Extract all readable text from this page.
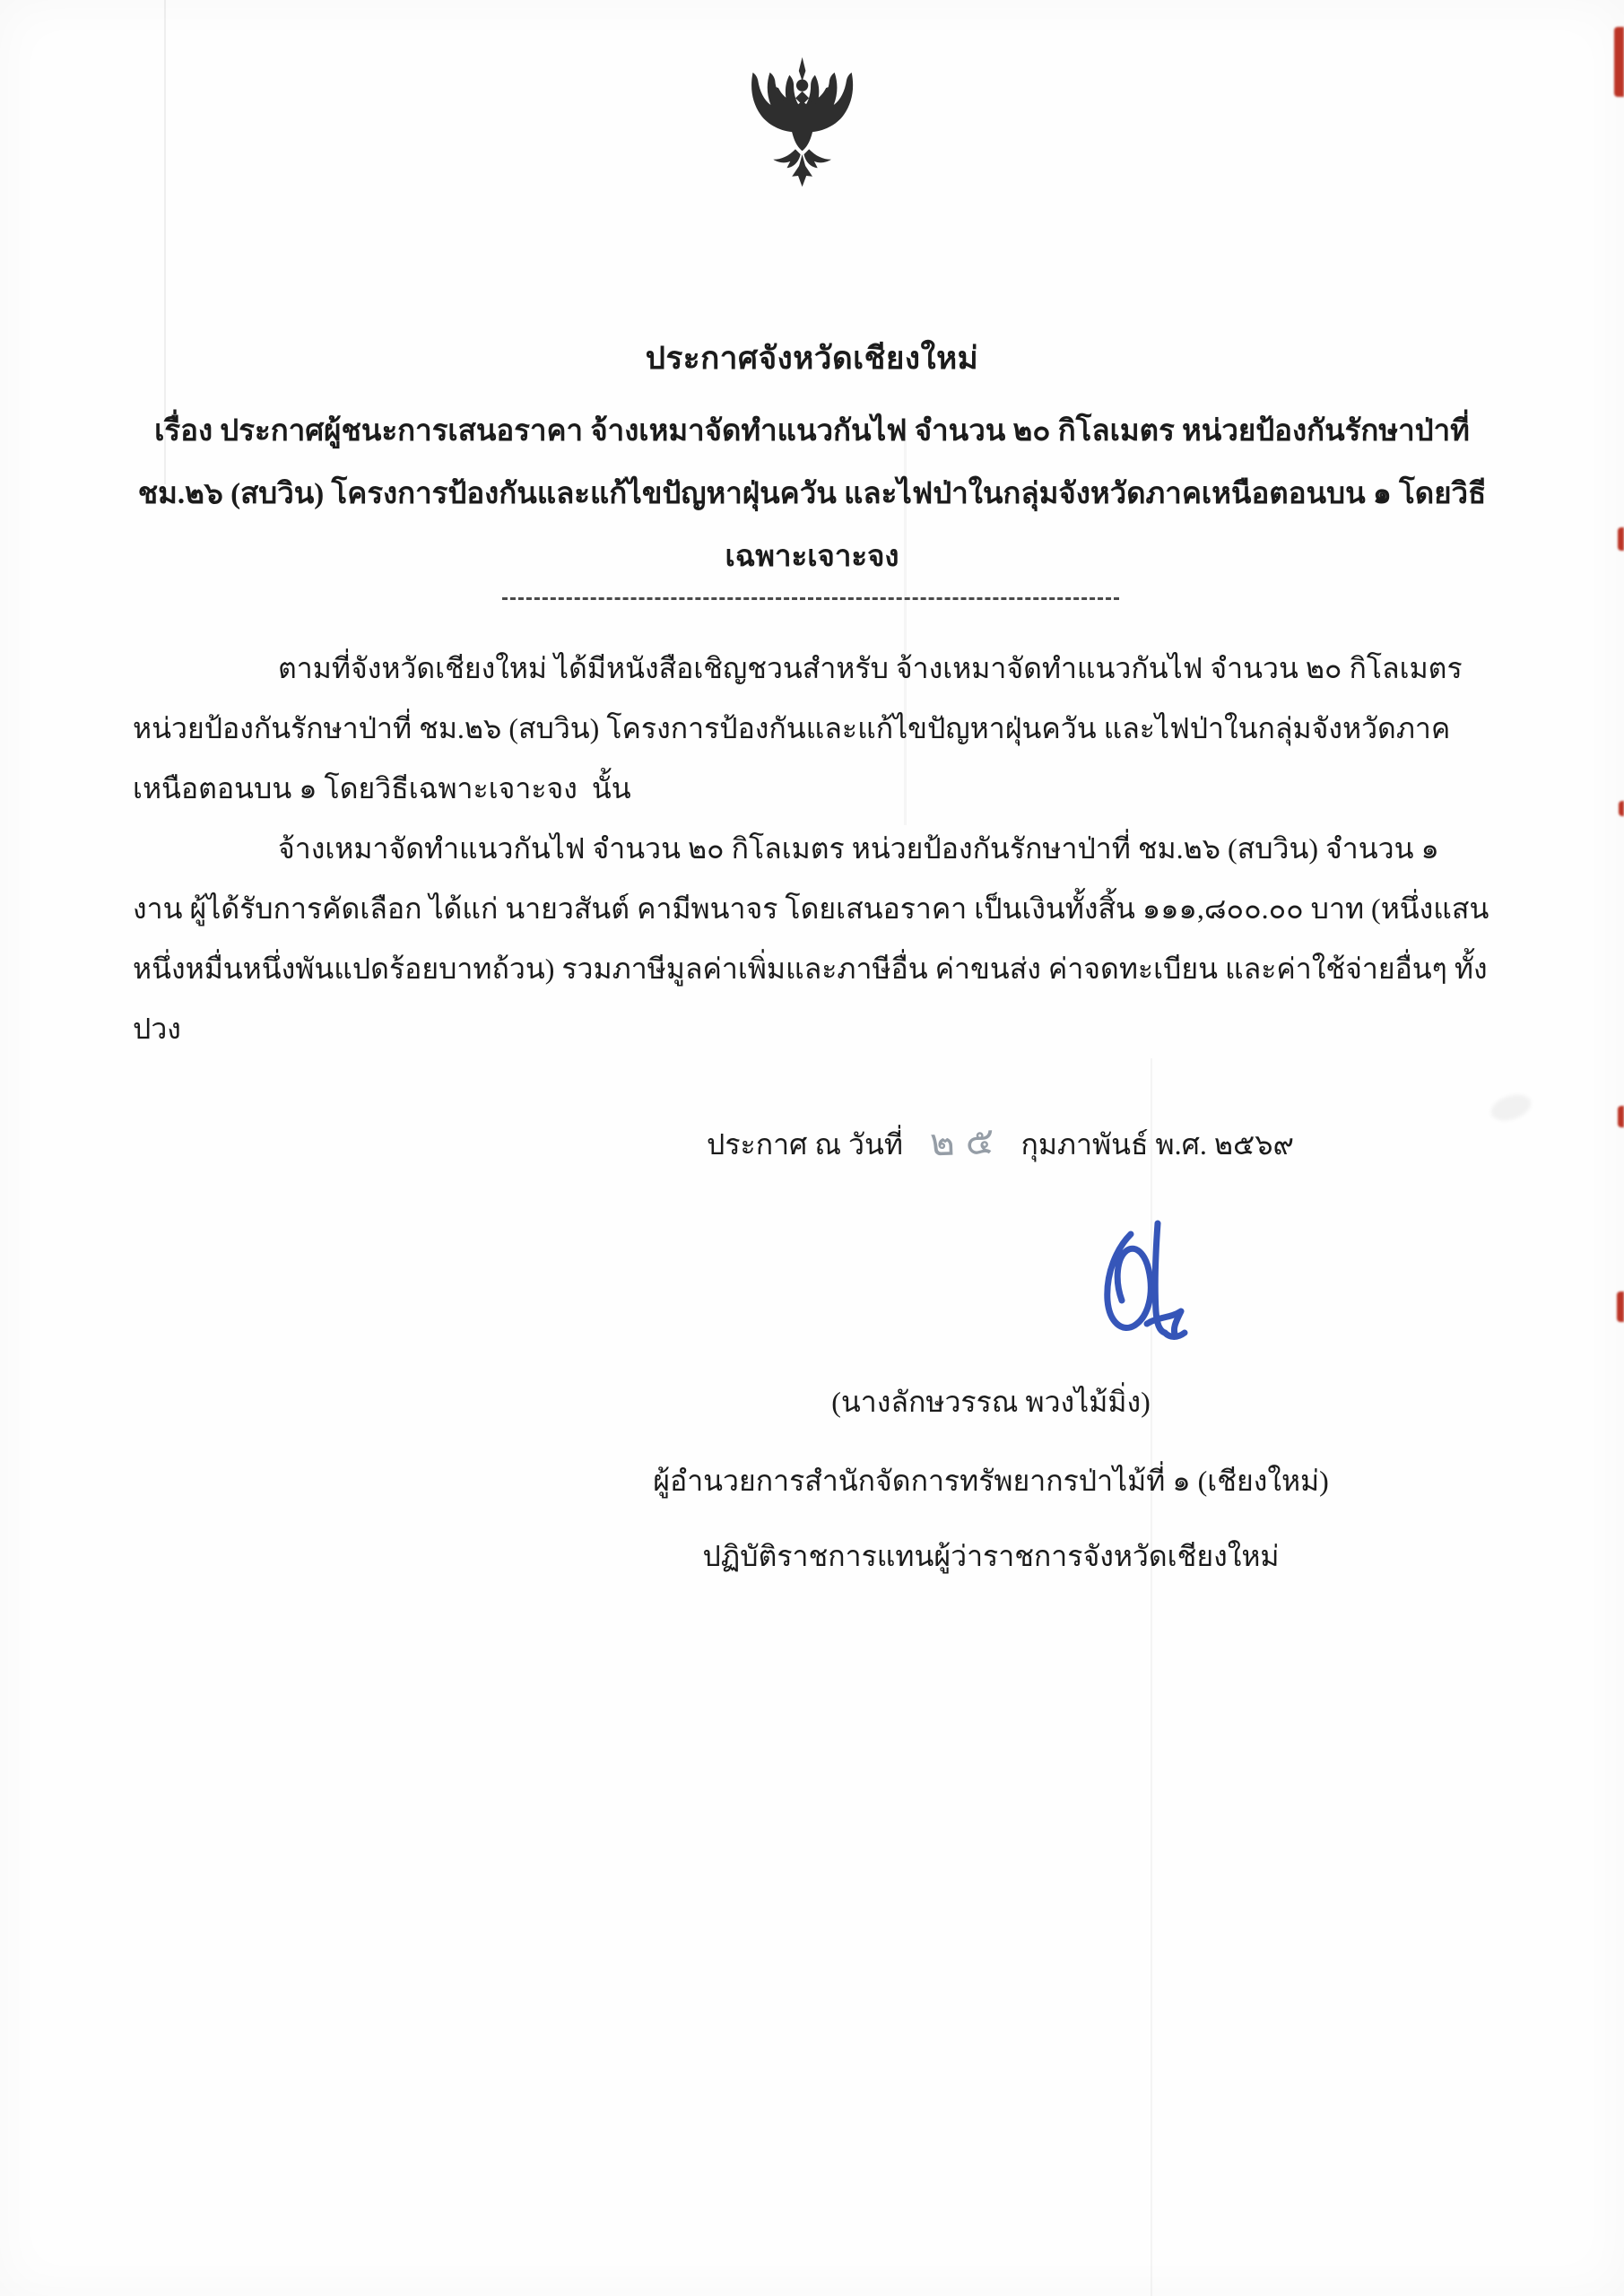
ประกาศจังหวัดเชียงใหม่
เรื่อง ประกาศผู้ชนะการเสนอราคา จ้างเหมาจัดทำแนวกันไฟ จำนวน ๒๐ กิโลเมตร หน่วยป้องกันรักษาป่าที่
ชม.๒๖ (สบวิน) โครงการป้องกันและแก้ไขปัญหาฝุ่นควัน และไฟป่าในกลุ่มจังหวัดภาคเหนือตอนบน ๑ โดยวิธี
เฉพาะเจาะจง

ตามที่จังหวัดเชียงใหม่ ได้มีหนังสือเชิญชวนสำหรับ จ้างเหมาจัดทำแนวกันไฟ จำนวน ๒๐ กิโลเมตร หน่วยป้องกันรักษาป่าที่ ชม.๒๖ (สบวิน) โครงการป้องกันและแก้ไขปัญหาฝุ่นควัน และไฟป่าในกลุ่มจังหวัดภาคเหนือตอนบน ๑ โดยวิธีเฉพาะเจาะจง  นั้น

จ้างเหมาจัดทำแนวกันไฟ จำนวน ๒๐ กิโลเมตร หน่วยป้องกันรักษาป่าที่ ชม.๒๖ (สบวิน) จำนวน ๑ งาน ผู้ได้รับการคัดเลือก ได้แก่ นายวสันต์ คามีพนาจร โดยเสนอราคา เป็นเงินทั้งสิ้น ๑๑๑,๘๐๐.๐๐ บาท (หนึ่งแสนหนึ่งหมื่นหนึ่งพันแปดร้อยบาทถ้วน) รวมภาษีมูลค่าเพิ่มและภาษีอื่น ค่าขนส่ง ค่าจดทะเบียน และค่าใช้จ่ายอื่นๆ ทั้งปวง

ประกาศ ณ วันที่ ๒๕ กุมภาพันธ์ พ.ศ. ๒๕๖๙
(นางลักษวรรณ พวงไม้มิ่ง)
ผู้อำนวยการสำนักจัดการทรัพยากรป่าไม้ที่ ๑ (เชียงใหม่)
ปฏิบัติราชการแทนผู้ว่าราชการจังหวัดเชียงใหม่
